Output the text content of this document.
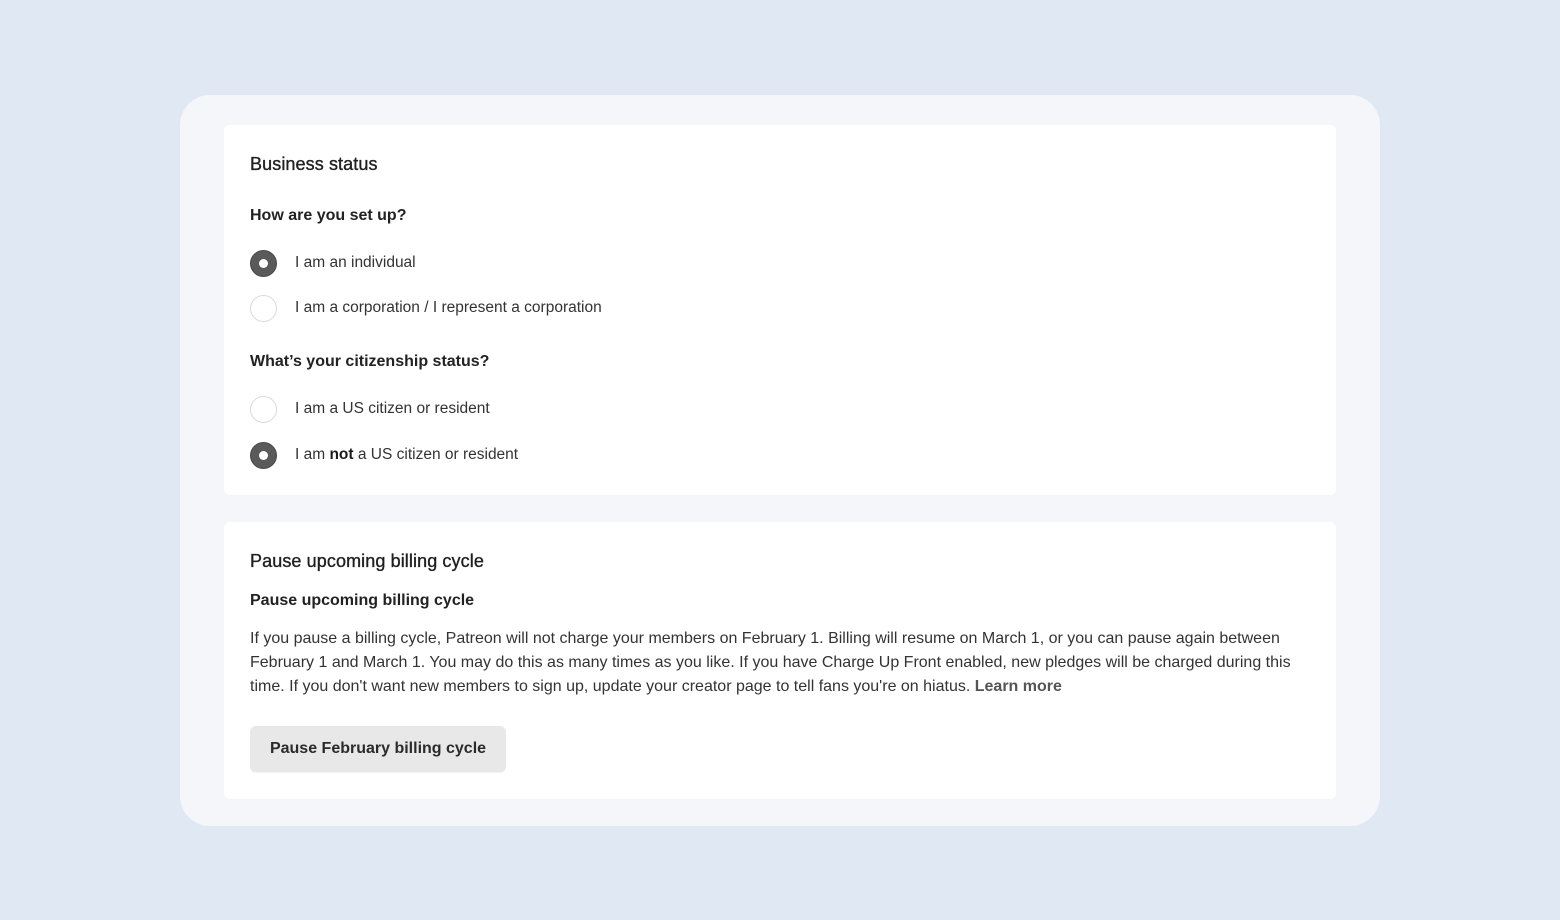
Business status
How are you set up?
I am an individual
I am a corporation / I represent a corporation
What’s your citizenship status?
I am a US citizen or resident
I am not a US citizen or resident
Pause upcoming billing cycle
Pause upcoming billing cycle

If you pause a billing cycle, Patreon will not charge your members on February 1. Billing will resume on March 1, or you can pause again between February 1 and March 1. You may do this as many times as you like. If you have Charge Up Front enabled, new pledges will be charged during this time. If you don't want new members to sign up, update your creator page to tell fans you're on hiatus. Learn more

Pause February billing cycle
